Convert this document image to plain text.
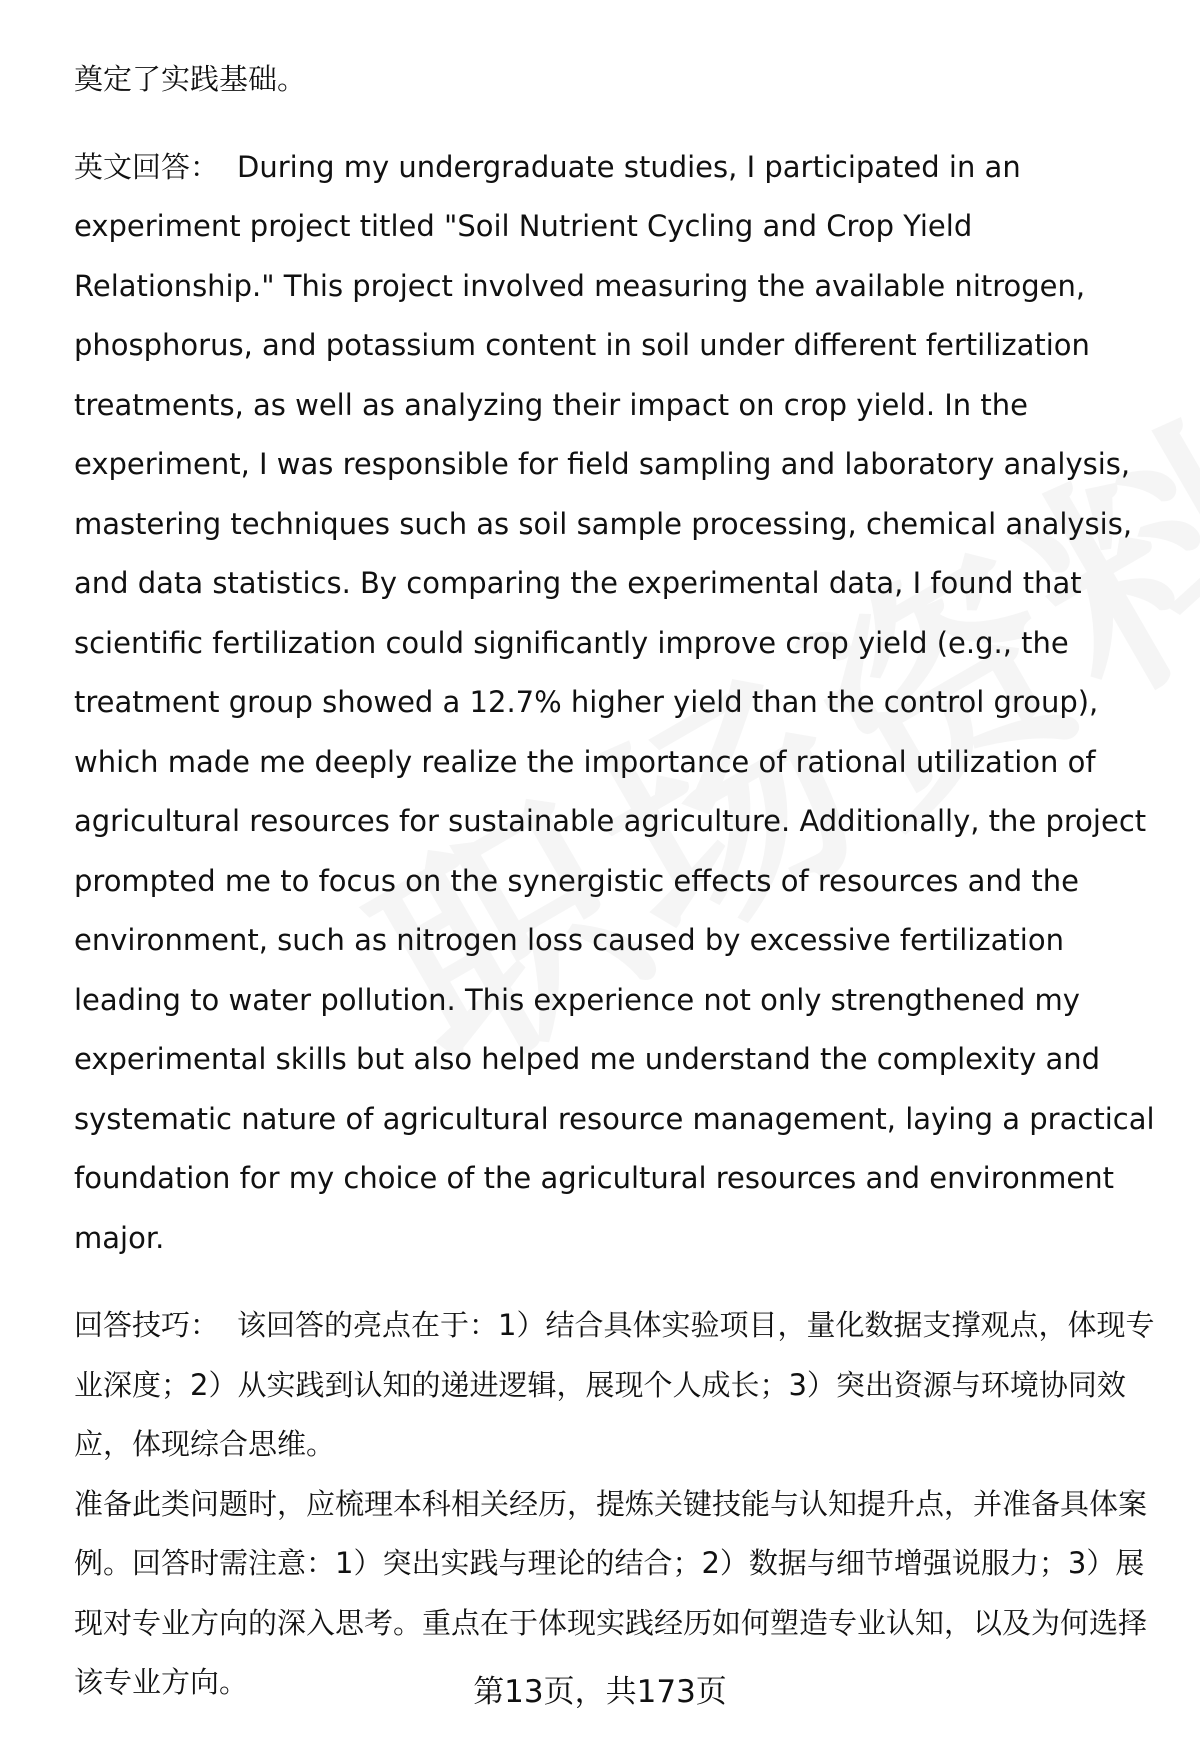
奠定了实践基础。

英文回答： During my undergraduate studies, I participated in an experiment project titled "Soil Nutrient Cycling and Crop Yield Relationship." This project involved measuring the available nitrogen, phosphorus, and potassium content in soil under different fertilization treatments, as well as analyzing their impact on crop yield. In the experiment, I was responsible for field sampling and laboratory analysis, mastering techniques such as soil sample processing, chemical analysis, and data statistics. By comparing the experimental data, I found that scientific fertilization could significantly improve crop yield (e.g., the treatment group showed a 12.7% higher yield than the control group), which made me deeply realize the importance of rational utilization of agricultural resources for sustainable agriculture. Additionally, the project prompted me to focus on the synergistic effects of resources and the environment, such as nitrogen loss caused by excessive fertilization leading to water pollution. This experience not only strengthened my experimental skills but also helped me understand the complexity and systematic nature of agricultural resource management, laying a practical foundation for my choice of the agricultural resources and environment major.

回答技巧： 该回答的亮点在于：1）结合具体实验项目，量化数据支撑观点，体现专业深度；2）从实践到认知的递进逻辑，展现个人成长；3）突出资源与环境协同效应，体现综合思维。

准备此类问题时，应梳理本科相关经历，提炼关键技能与认知提升点，并准备具体案例。回答时需注意：1）突出实践与理论的结合；2）数据与细节增强说服力；3）展现对专业方向的深入思考。重点在于体现实践经历如何塑造专业认知，以及为何选择该专业方向。	第13页，共173页
